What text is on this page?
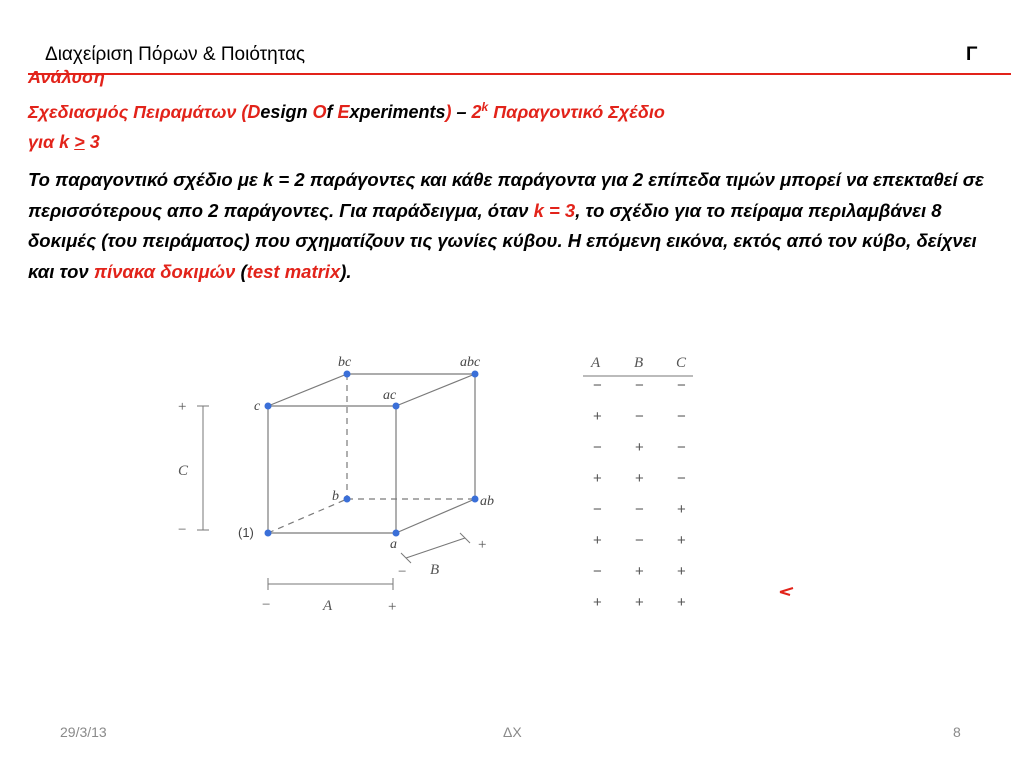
Διαχείριση Πόρων & Ποιότητας	Γ
Ανάλυση
Σχεδιασμός Πειραμάτων (Design Of Experiments) – 2$^k$ Παραγοντικό Σχέδιο
για k > 3
Το παραγοντικό σχέδιο με k = 2 παράγοντες και κάθε παράγοντα για 2 επίπεδα τιμών μπορεί να επεκταθεί σε περισσότερους απο 2 παράγοντες. Για παράδειγμα, όταν k = 3, το σχέδιο για το πείραμα περιλαμβάνει 8 δοκιμές (του πειράματος) που σχηματίζουν τις γωνίες κύβου. Η επόμενη εικόνα, εκτός από τον κύβο, δείχνει και τον πίνακα δοκιμών (test matrix).
(1)
a
b	ab
c
ac
bc	abc
+
−
C
−	+
A
−
+
B
A B C
− − −
+ − −
− + −
+ + −
− − +
+ − +
− + +
+ + +
29/3/13	ΔΧ	8
